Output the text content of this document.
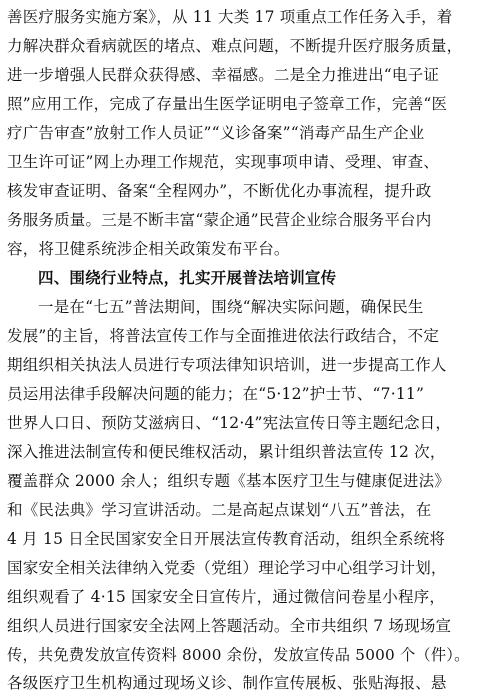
善医疗服务实施方案》，从 11 大类 17 项重点工作任务入手，着
力解决群众看病就医的堵点、难点问题，不断提升医疗服务质量，
进一步增强人民群众获得感、幸福感。二是全力推进出“电子证
照”应用工作，完成了存量出生医学证明电子签章工作，完善“医
疗广告审查”放射工作人员证”“义诊备案”“消毒产品生产企业
卫生许可证”网上办理工作规范，实现事项申请、受理、审查、
核发审查证明、备案“全程网办”，不断优化办事流程，提升政
务服务质量。三是不断丰富“蒙企通”民营企业综合服务平台内
容，将卫健系统涉企相关政策发布平台。
四、围绕行业特点，扎实开展普法培训宣传
一是在“七五”普法期间，围绕“解决实际问题，确保民生
发展”的主旨，将普法宣传工作与全面推进依法行政结合，不定
期组织相关执法人员进行专项法律知识培训，进一步提高工作人
员运用法律手段解决问题的能力；在“5·12”护士节、“7·11”
世界人口日、预防艾滋病日、“12·4”宪法宣传日等主题纪念日，
深入推进法制宣传和便民维权活动，累计组织普法宣传 12 次，
覆盖群众 2000 余人；组织专题《基本医疗卫生与健康促进法》
和《民法典》学习宣讲活动。二是高起点谋划“八五”普法，在
4 月 15 日全民国家安全日开展法宣传教育活动，组织全系统将
国家安全相关法律纳入党委（党组）理论学习中心组学习计划，
组织观看了 4·15 国家安全日宣传片，通过微信问卷星小程序，
组织人员进行国家安全法网上答题活动。全市共组织 7 场现场宣
传，共免费发放宣传资料 8000 余份，发放宣传品 5000 个（件）。
各级医疗卫生机构通过现场义诊、制作宣传展板、张贴海报、悬
